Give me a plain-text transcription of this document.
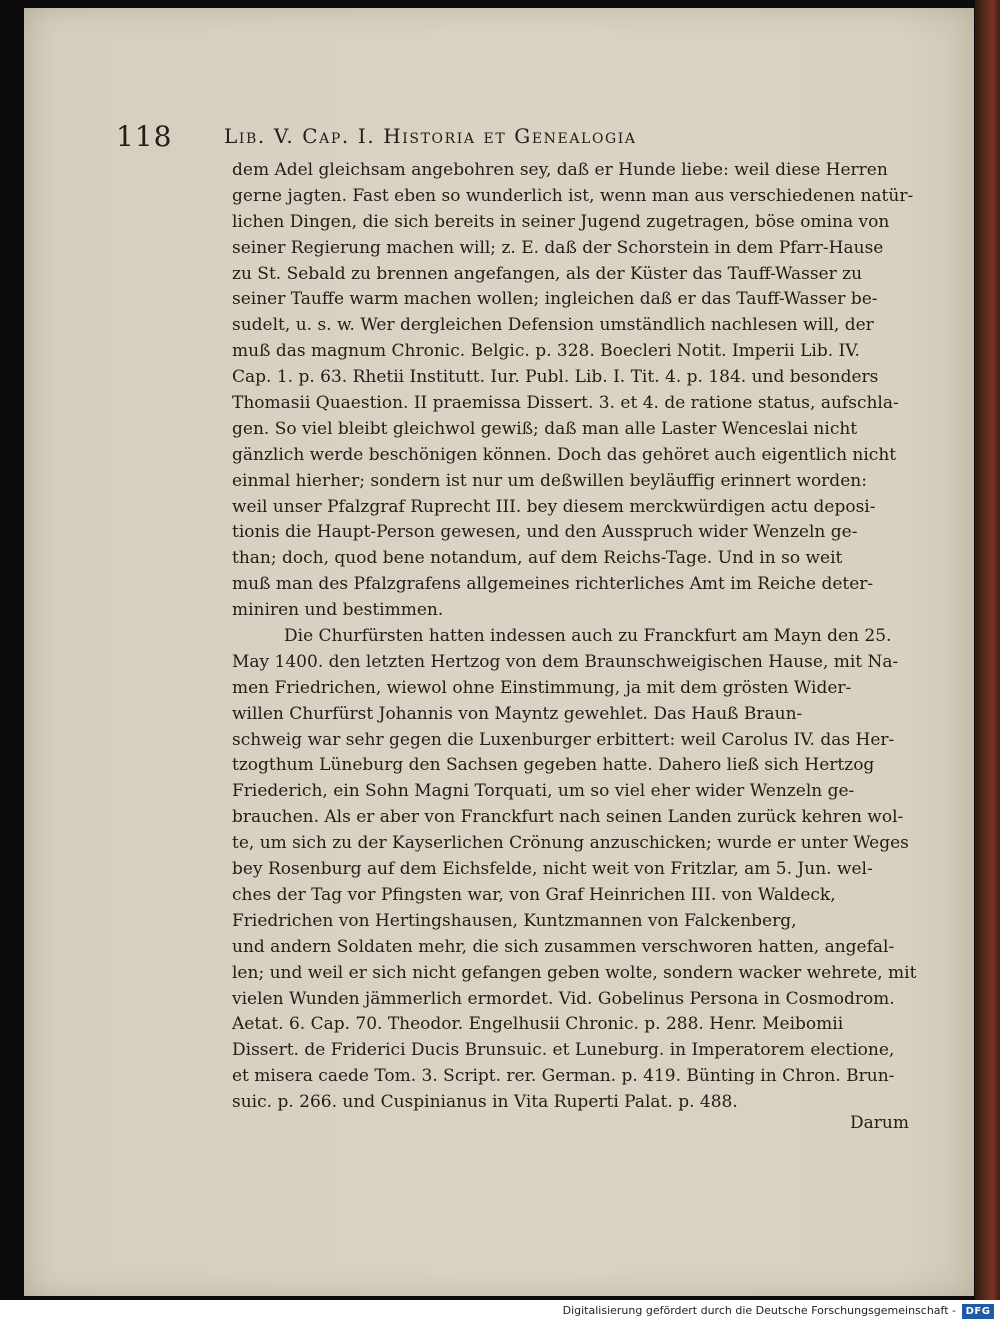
118	Lib. V. Cap. I. Historia et Genealogia
dem Adel gleichsam angebohren sey, daß er Hunde liebe: weil diese Herren
gerne jagten. Fast eben so wunderlich ist, wenn man aus verschiedenen natür-
lichen Dingen, die sich bereits in seiner Jugend zugetragen, böse omina von
seiner Regierung machen will; z. E. daß der Schorstein in dem Pfarr-Hause
zu St. Sebald zu brennen angefangen, als der Küster das Tauff-Wasser zu
seiner Tauffe warm machen wollen; ingleichen daß er das Tauff-Wasser be-
sudelt, u. s. w. Wer dergleichen Defension umständlich nachlesen will, der
muß das magnum Chronic. Belgic. p. 328. Boecleri Notit. Imperii Lib. IV.
Cap. 1. p. 63. Rhetii Institutt. Iur. Publ. Lib. I. Tit. 4. p. 184. und besonders
Thomasii Quaestion. II praemissa Dissert. 3. et 4. de ratione status, aufschla-
gen. So viel bleibt gleichwol gewiß; daß man alle Laster Wenceslai nicht
gänzlich werde beschönigen können. Doch das gehöret auch eigentlich nicht
einmal hierher; sondern ist nur um deßwillen beyläuffig erinnert worden:
weil unser Pfalzgraf Ruprecht III. bey diesem merckwürdigen actu deposi-
tionis die Haupt-Person gewesen, und den Ausspruch wider Wenzeln ge-
than; doch, quod bene notandum, auf dem Reichs-Tage. Und in so weit
muß man des Pfalzgrafens allgemeines richterliches Amt im Reiche deter-
miniren und bestimmen.
Die Churfürsten hatten indessen auch zu Franckfurt am Mayn den 25.
May 1400. den letzten Hertzog von dem Braunschweigischen Hause, mit Na-
men Friedrichen, wiewol ohne Einstimmung, ja mit dem grösten Wider-
willen Churfürst Johannis von Mayntz gewehlet. Das Hauß Braun-
schweig war sehr gegen die Luxenburger erbittert: weil Carolus IV. das Her-
tzogthum Lüneburg den Sachsen gegeben hatte. Dahero ließ sich Hertzog
Friederich, ein Sohn Magni Torquati, um so viel eher wider Wenzeln ge-
brauchen. Als er aber von Franckfurt nach seinen Landen zurück kehren wol-
te, um sich zu der Kayserlichen Crönung anzuschicken; wurde er unter Weges
bey Rosenburg auf dem Eichsfelde, nicht weit von Fritzlar, am 5. Jun. wel-
ches der Tag vor Pfingsten war, von Graf Heinrichen III. von Waldeck,
Friedrichen von Hertingshausen, Kuntzmannen von Falckenberg,
und andern Soldaten mehr, die sich zusammen verschworen hatten, angefal-
len; und weil er sich nicht gefangen geben wolte, sondern wacker wehrete, mit
vielen Wunden jämmerlich ermordet. Vid. Gobelinus Persona in Cosmodrom.
Aetat. 6. Cap. 70. Theodor. Engelhusii Chronic. p. 288. Henr. Meibomii
Dissert. de Friderici Ducis Brunsuic. et Luneburg. in Imperatorem electione,
et misera caede Tom. 3. Script. rer. German. p. 419. Bünting in Chron. Brun-
suic. p. 266. und Cuspinianus in Vita Ruperti Palat. p. 488.
Darum
Digitalisierung gefördert durch die Deutsche Forschungsgemeinschaft - DFG
